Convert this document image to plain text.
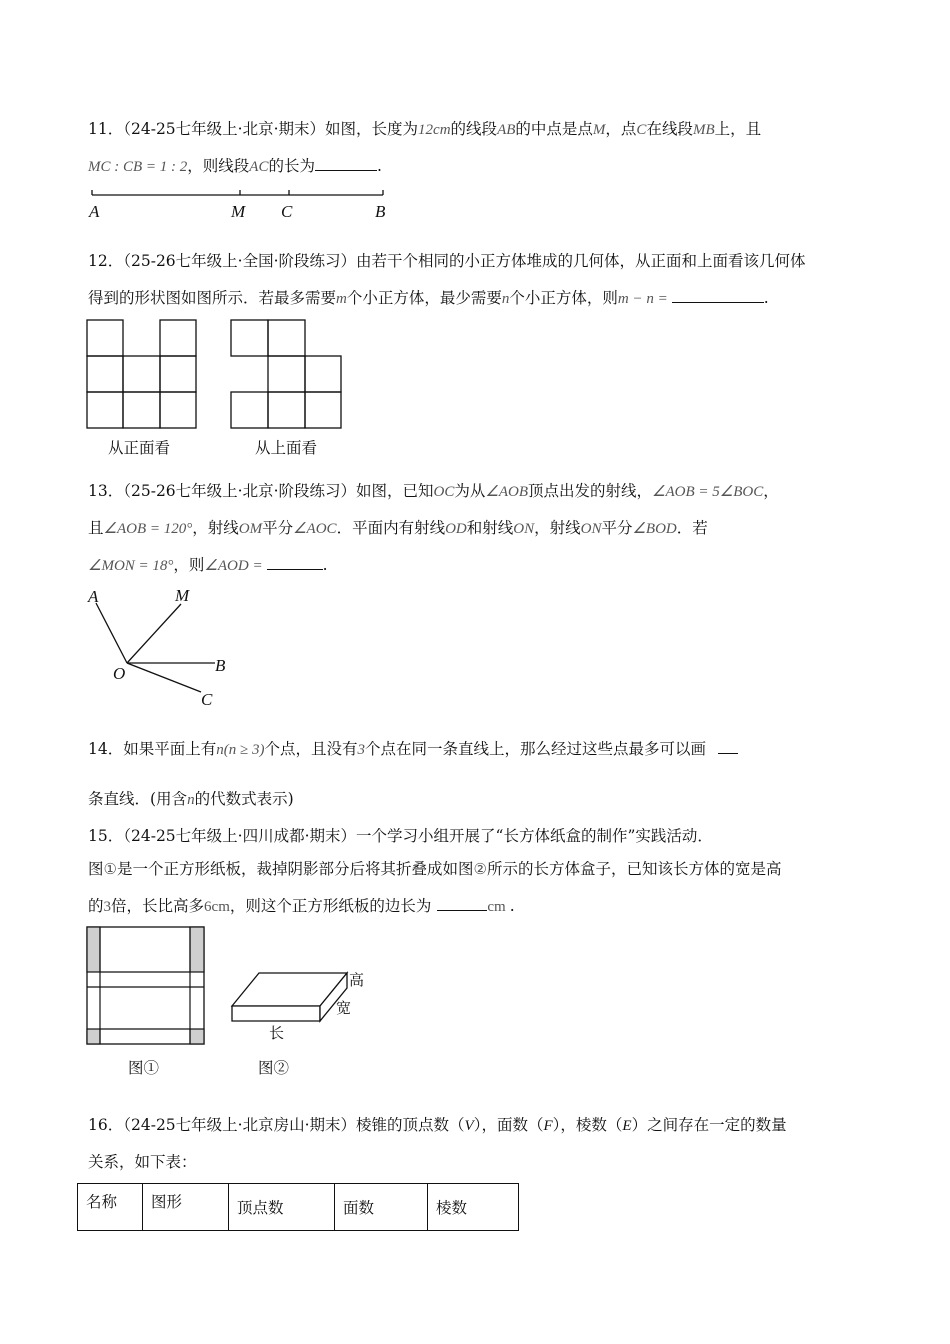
11．（24-25七年级上·北京·期末）如图，长度为12cm的线段AB的中点是点M，点C在线段MB上，且
MC : CB = 1 : 2，则线段AC的长为	.
A	M C	B
12．（25-26七年级上·全国·阶段练习）由若干个相同的小正方体堆成的几何体，从正面和上面看该几何体
得到的形状图如图所示．若最多需要m个小正方体，最少需要n个小正方体，则m − n =	.
从正面看	从上面看
13．（25-26七年级上·北京·阶段练习）如图，已知OC为从∠AOB顶点出发的射线，∠AOB = 5∠BOC，
且∠AOB = 120°，射线OM平分∠AOC．平面内有射线OD和射线ON，射线ON平分∠BOD．若
∠MON = 18°，则∠AOD =	.
A	M
O	B
C
14．如果平面上有n(n ≥ 3)个点，且没有3个点在同一条直线上，那么经过这些点最多可以画
条直线．(用含n的代数式表示)
15．（24-25七年级上·四川成都·期末）一个学习小组开展了“长方体纸盒的制作”实践活动．
图①是一个正方形纸板，裁掉阴影部分后将其折叠成如图②所示的长方体盒子，已知该长方体的宽是高
的3倍，长比高多6cm，则这个正方形纸板的边长为	cm .
图①
高
宽
长
图②
16．（24-25七年级上·北京房山·期末）棱锥的顶点数（V），面数（F），棱数（E）之间存在一定的数量
关系，如下表：
名称	图形	顶点数	面数	棱数
